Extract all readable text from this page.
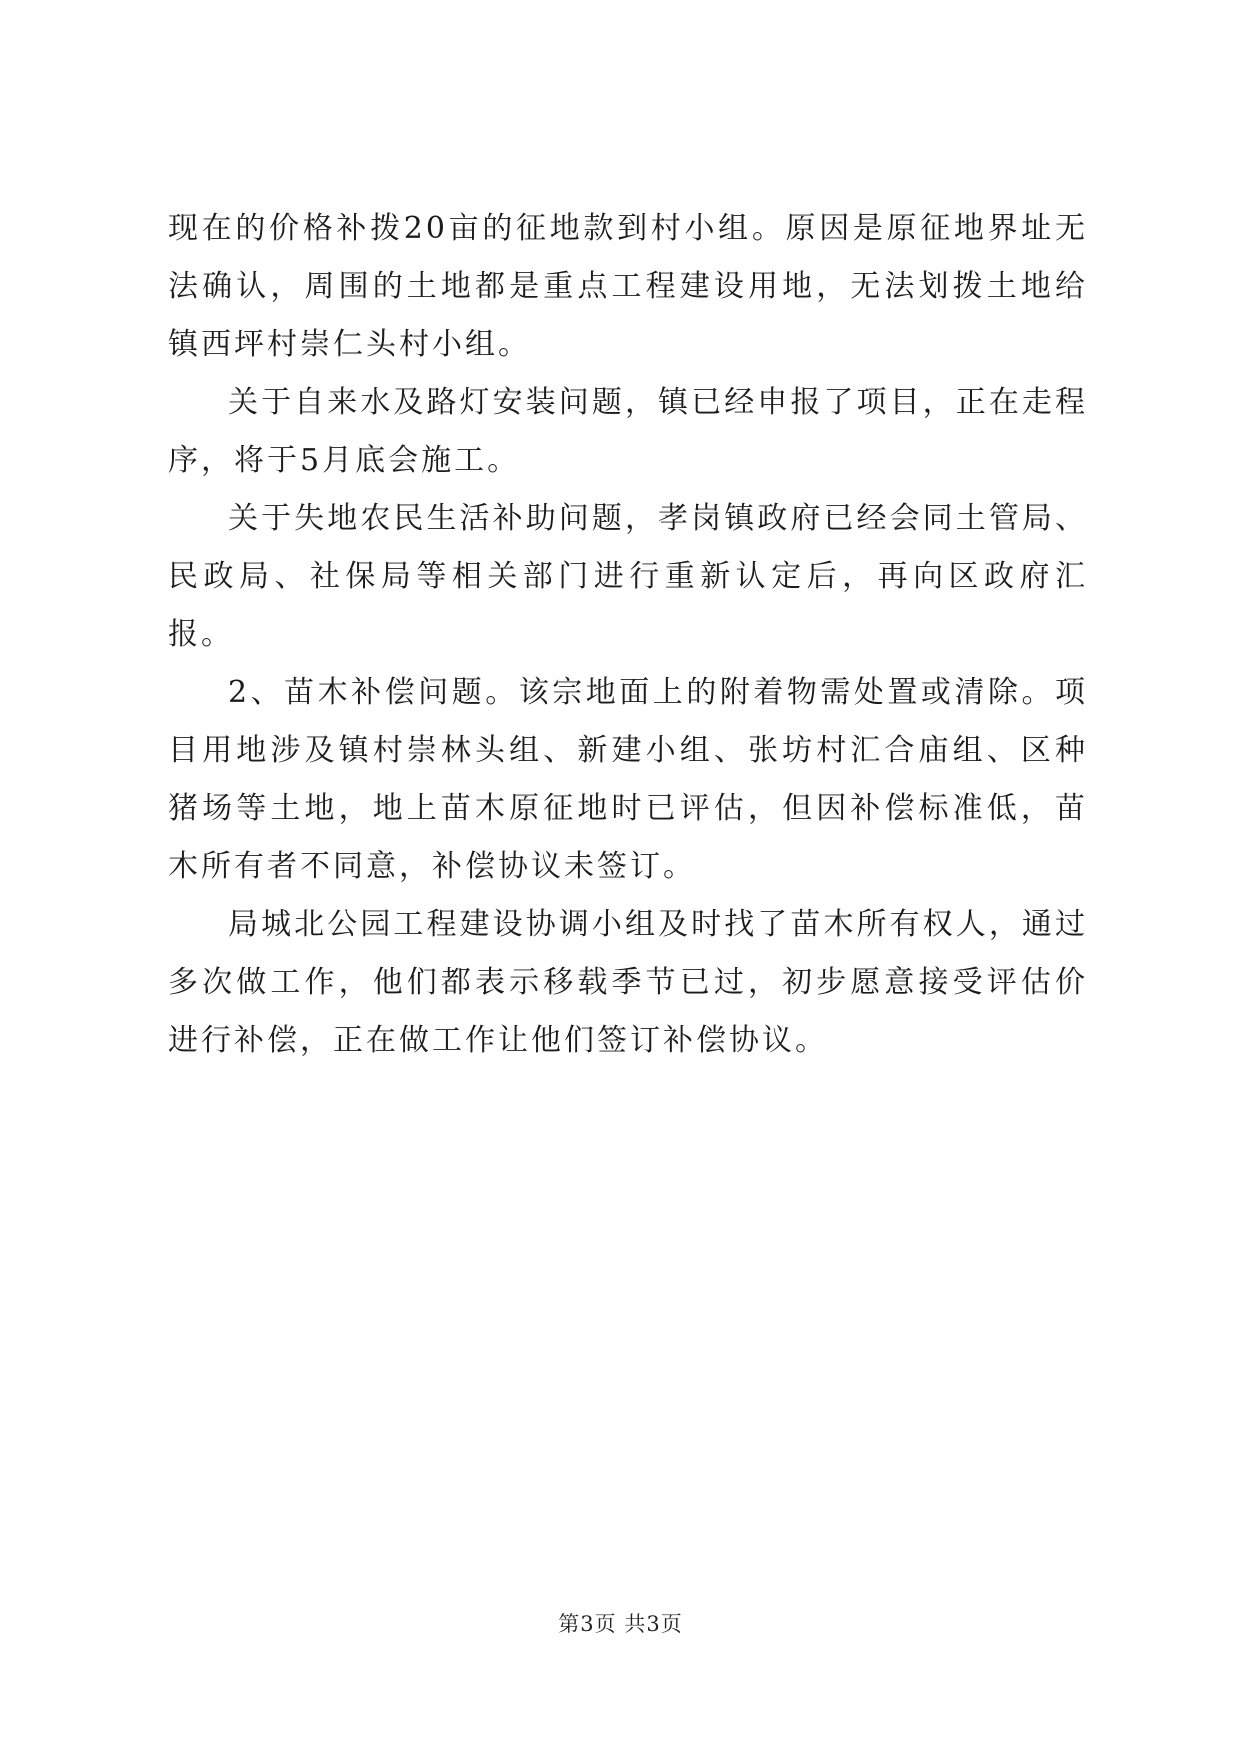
现在的价格补拨20亩的征地款到村小组。原因是原征地界址无法确认，周围的土地都是重点工程建设用地，无法划拨土地给镇西坪村崇仁头村小组。

关于自来水及路灯安装问题，镇已经申报了项目，正在走程序，将于5月底会施工。

关于失地农民生活补助问题，孝岗镇政府已经会同土管局、民政局、社保局等相关部门进行重新认定后，再向区政府汇报。

2、苗木补偿问题。该宗地面上的附着物需处置或清除。项目用地涉及镇村崇林头组、新建小组、张坊村汇合庙组、区种猪场等土地，地上苗木原征地时已评估，但因补偿标准低，苗木所有者不同意，补偿协议未签订。

局城北公园工程建设协调小组及时找了苗木所有权人，通过多次做工作，他们都表示移载季节已过，初步愿意接受评估价进行补偿，正在做工作让他们签订补偿协议。

第3页 共3页
